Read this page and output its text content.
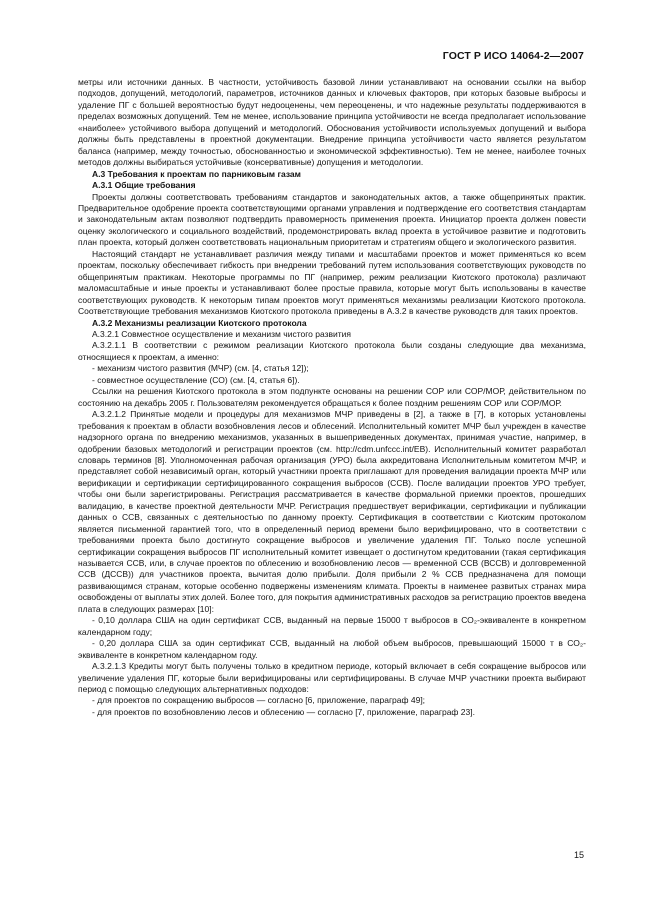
ГОСТ Р ИСО 14064-2—2007

метры или источники данных. В частности, устойчивость базовой линии устанавливают на основании ссылки на выбор подходов, допущений, методологий, параметров, источников данных и ключевых факторов, при которых базовые выбросы и удаление ПГ с большей вероятностью будут недооценены, чем переоценены, и что надежные результаты поддерживаются в пределах возможных допущений. Тем не менее, использование принципа устойчивости не всегда предполагает использование «наиболее» устойчивого выбора допущений и методологий. Обоснования устойчивости используемых допущений и выбора должны быть представлены в проектной документации. Внедрение принципа устойчивости часто является результатом баланса (например, между точностью, обоснованностью и экономической эффективностью). Тем не менее, наиболее точных методов должны выбираться устойчивые (консервативные) допущения и методологии.

А.3 Требования к проектам по парниковым газам

А.3.1 Общие требования

Проекты должны соответствовать требованиям стандартов и законодательных актов, а также общепринятых практик. Предварительное одобрение проекта соответствующими органами управления и подтверждение его соответствия стандартам и законодательным актам позволяют подтвердить правомерность применения проекта. Инициатор проекта должен повести оценку экологического и социального воздействий, продемонстрировать вклад проекта в устойчивое развитие и подготовить план проекта, который должен соответствовать национальным приоритетам и стратегиям общего и экологического развития.

Настоящий стандарт не устанавливает различия между типами и масштабами проектов и может применяться ко всем проектам, поскольку обеспечивает гибкость при внедрении требований путем использования соответствующих руководств по общепринятым практикам. Некоторые программы по ПГ (например, режим реализации Киотского протокола) различают маломасштабные и иные проекты и устанавливают более простые правила, которые могут быть использованы в качестве соответствующих руководств. К некоторым типам проектов могут применяться механизмы реализации Киотского протокола. Соответствующие требования механизмов Киотского протокола приведены в А.3.2 в качестве руководств для таких проектов.

А.3.2 Механизмы реализации Киотского протокола

А.3.2.1 Совместное осуществление и механизм чистого развития

А.3.2.1.1 В соответствии с режимом реализации Киотского протокола были созданы следующие два механизма, относящиеся к проектам, а именно:

- механизм чистого развития (МЧР) (см. [4, статья 12]);

- совместное осуществление (СО) (см. [4, статья 6]).

Ссылки на решения Киотского протокола в этом подпункте основаны на решении СОР или СОР/МОР, действительном по состоянию на декабрь 2005 г. Пользователям рекомендуется обращаться к более поздним решениям СОР или СОР/МОР.

А.3.2.1.2 Принятые модели и процедуры для механизмов МЧР приведены в [2], а также в [7], в которых установлены требования к проектам в области возобновления лесов и облесений. Исполнительный комитет МЧР был учрежден в качестве надзорного органа по внедрению механизмов, указанных в вышеприведенных документах, принимая участие, например, в одобрении базовых методологий и регистрации проектов (см. http://cdm.unfccc.int/EB). Исполнительный комитет разработал словарь терминов [8]. Уполномоченная рабочая организация (УРО) была аккредитована Исполнительным комитетом МЧР, и представляет собой независимый орган, который участники проекта приглашают для проведения валидации проекта МЧР или верификации и сертификации сертифицированного сокращения выбросов (ССВ). После валидации проектов УРО требует, чтобы они были зарегистрированы. Регистрация рассматривается в качестве формальной приемки проектов, прошедших валидацию, в качестве проектной деятельности МЧР. Регистрация предшествует верификации, сертификации и публикации данных о ССВ, связанных с деятельностью по данному проекту. Сертификация в соответствии с Киотским протоколом является письменной гарантией того, что в определенный период времени было верифицировано, что в соответствии с требованиями проекта было достигнуто сокращение выбросов и увеличение удаления ПГ. Только после успешной сертификации сокращения выбросов ПГ исполнительный комитет извещает о достигнутом кредитовании (такая сертификация называется ССВ, или, в случае проектов по облесению и возобновлению лесов — временной ССВ (ВССВ) и долговременной ССВ (ДССВ)) для участников проекта, вычитая долю прибыли. Доля прибыли 2 % ССВ предназначена для помощи развивающимся странам, которые особенно подвержены изменениям климата. Проекты в наименее развитых странах мира освобождены от выплаты этих долей. Более того, для покрытия административных расходов за регистрацию проектов введена плата в следующих размерах [10]:

- 0,10 доллара США на один сертификат ССВ, выданный на первые 15000 т выбросов в СО₂-эквиваленте в конкретном календарном году;

- 0,20 доллара США за один сертификат ССВ, выданный на любой объем выбросов, превышающий 15000 т в СО₂-эквиваленте в конкретном календарном году.

А.3.2.1.3 Кредиты могут быть получены только в кредитном периоде, который включает в себя сокращение выбросов или увеличение удаления ПГ, которые были верифицированы или сертифицированы. В случае МЧР участники проекта выбирают период с помощью следующих альтернативных подходов:

- для проектов по сокращению выбросов — согласно [6, приложение, параграф 49];

- для проектов по возобновлению лесов и облесению — согласно [7, приложение, параграф 23].

15
